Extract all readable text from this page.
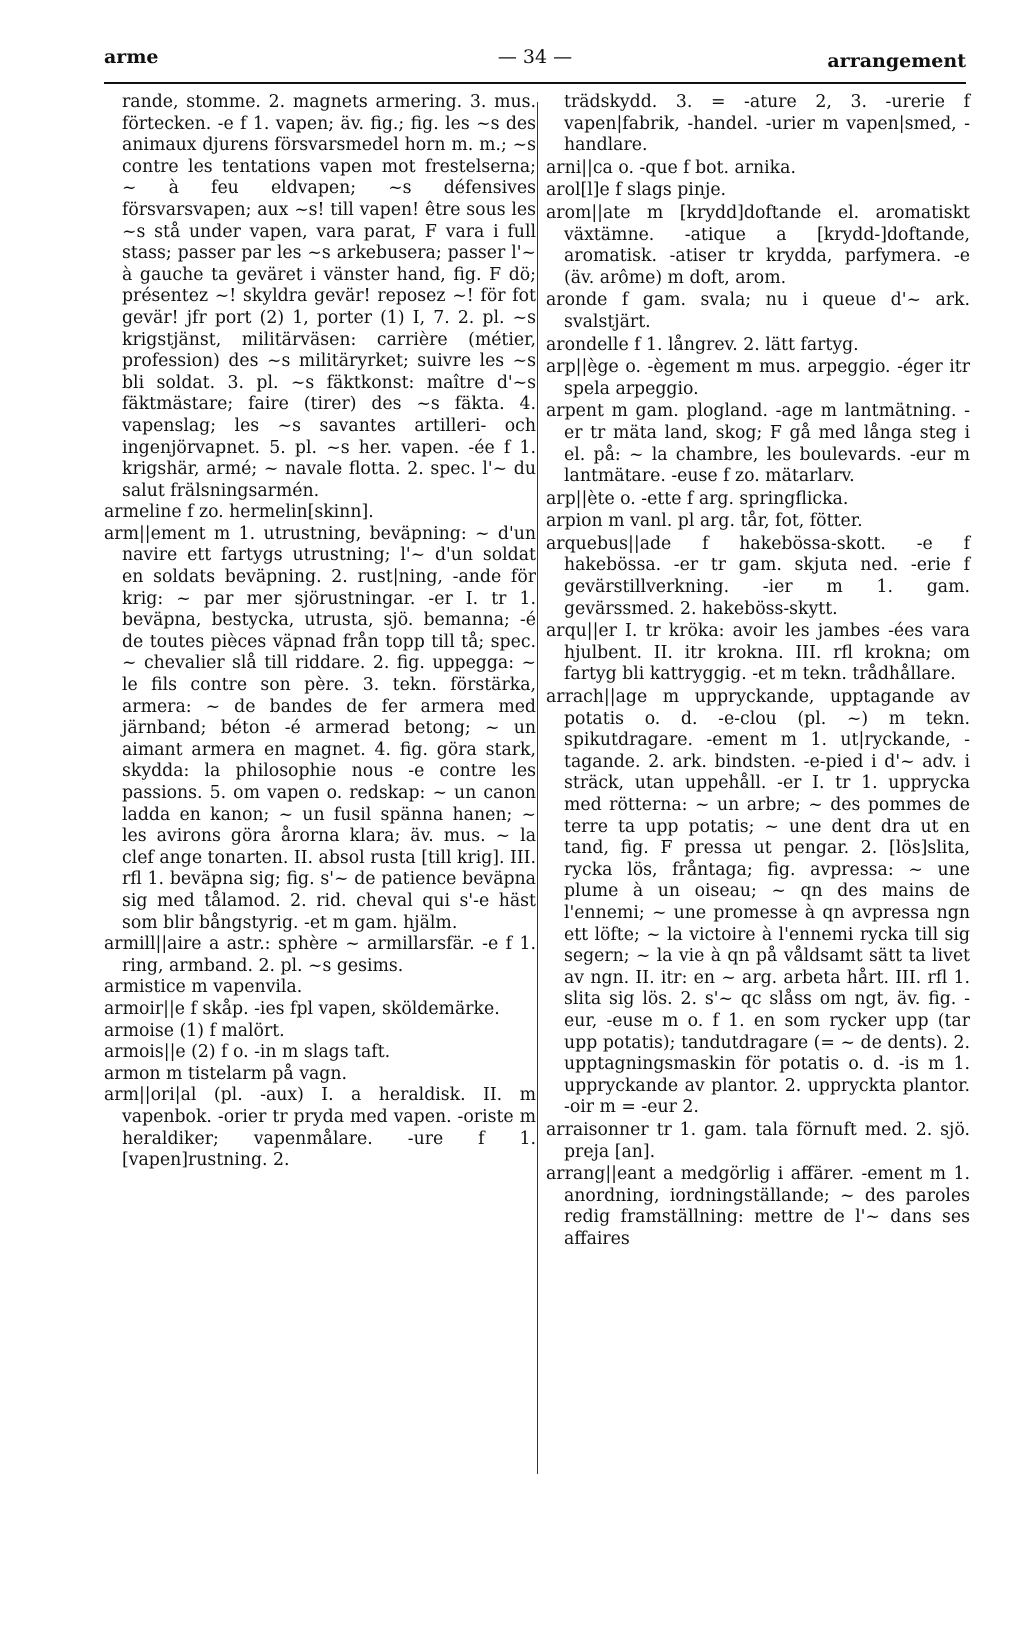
arme	— 34 —	arrangement

rande, stomme. 2. magnets armering. 3. mus. förtecken. -e f 1. vapen; äv. fig.; fig. les ~s des animaux djurens försvarsmedel horn m. m.; ~s contre les tentations vapen mot frestelserna; ~ à feu eldvapen; ~s défensives försvarsvapen; aux ~s! till vapen! être sous les ~s stå under vapen, vara parat, F vara i full stass; passer par les ~s arkebusera; passer l'~ à gauche ta geväret i vänster hand, fig. F dö; présentez ~! skyldra gevär! reposez ~! för fot gevär! jfr port (2) 1, porter (1) I, 7. 2. pl. ~s krigstjänst, militärväsen: carrière (métier, profession) des ~s militäryrket; suivre les ~s bli soldat. 3. pl. ~s fäktkonst: maître d'~s fäktmästare; faire (tirer) des ~s fäkta. 4. vapenslag; les ~s savantes artilleri- och ingenjörvapnet. 5. pl. ~s her. vapen. -ée f 1. krigshär, armé; ~ navale flotta. 2. spec. l'~ du salut frälsningsarmén.

armeline f zo. hermelin[skinn].

arm||ement m 1. utrustning, beväpning: ~ d'un navire ett fartygs utrustning; l'~ d'un soldat en soldats beväpning. 2. rust|ning, -ande för krig: ~ par mer sjörustningar. -er I. tr 1. beväpna, bestycka, utrusta, sjö. bemanna; -é de toutes pièces väpnad från topp till tå; spec. ~ chevalier slå till riddare. 2. fig. uppegga: ~ le fils contre son père. 3. tekn. förstärka, armera: ~ de bandes de fer armera med järnband; béton -é armerad betong; ~ un aimant armera en magnet. 4. fig. göra stark, skydda: la philosophie nous -e contre les passions. 5. om vapen o. redskap: ~ un canon ladda en kanon; ~ un fusil spänna hanen; ~ les avirons göra årorna klara; äv. mus. ~ la clef ange tonarten. II. absol rusta [till krig]. III. rfl 1. beväpna sig; fig. s'~ de patience beväpna sig med tålamod. 2. rid. cheval qui s'-e häst som blir bångstyrig. -et m gam. hjälm.

armill||aire a astr.: sphère ~ armillarsfär. -e f 1. ring, armband. 2. pl. ~s gesims.

armistice m vapenvila.

armoir||e f skåp. -ies fpl vapen, sköldemärke.

armoise (1) f malört.

armois||e (2) f o. -in m slags taft.

armon m tistelarm på vagn.

arm||ori|al (pl. -aux) I. a heraldisk. II. m vapenbok. -orier tr pryda med vapen. -oriste m heraldiker; vapenmålare. -ure f 1. [vapen]rustning. 2.

trädskydd. 3. = -ature 2, 3. -urerie f vapen|fabrik, -handel. -urier m vapen|smed, -handlare.

arni||ca o. -que f bot. arnika.

arol[l]e f slags pinje.

arom||ate m [krydd]doftande el. aromatiskt växtämne. -atique a [krydd-]doftande, aromatisk. -atiser tr krydda, parfymera. -e (äv. arôme) m doft, arom.

aronde f gam. svala; nu i queue d'~ ark. svalstjärt.

arondelle f 1. långrev. 2. lätt fartyg.

arp||ège o. -ègement m mus. arpeggio. -éger itr spela arpeggio.

arpent m gam. plogland. -age m lantmätning. -er tr mäta land, skog; F gå med långa steg i el. på: ~ la chambre, les boulevards. -eur m lantmätare. -euse f zo. mätarlarv.

arp||ète o. -ette f arg. springflicka.

arpion m vanl. pl arg. tår, fot, fötter.

arquebus||ade f hakebössa-skott. -e f hakebössa. -er tr gam. skjuta ned. -erie f gevärstillverkning. -ier m 1. gam. gevärssmed. 2. hakeböss-skytt.

arqu||er I. tr kröka: avoir les jambes -ées vara hjulbent. II. itr krokna. III. rfl krokna; om fartyg bli kattryggig. -et m tekn. trådhållare.

arrach||age m uppryckande, upptagande av potatis o. d. -e-clou (pl. ~) m tekn. spikutdragare. -ement m 1. ut|ryckande, -tagande. 2. ark. bindsten. -e-pied i d'~ adv. i sträck, utan uppehåll. -er I. tr 1. upprycka med rötterna: ~ un arbre; ~ des pommes de terre ta upp potatis; ~ une dent dra ut en tand, fig. F pressa ut pengar. 2. [lös]slita, rycka lös, fråntaga; fig. avpressa: ~ une plume à un oiseau; ~ qn des mains de l'ennemi; ~ une promesse à qn avpressa ngn ett löfte; ~ la victoire à l'ennemi rycka till sig segern; ~ la vie à qn på våldsamt sätt ta livet av ngn. II. itr: en ~ arg. arbeta hårt. III. rfl 1. slita sig lös. 2. s'~ qc slåss om ngt, äv. fig. -eur, -euse m o. f 1. en som rycker upp (tar upp potatis); tandutdragare (= ~ de dents). 2. upptagningsmaskin för potatis o. d. -is m 1. uppryckande av plantor. 2. uppryckta plantor. -oir m = -eur 2.

arraisonner tr 1. gam. tala förnuft med. 2. sjö. preja [an].

arrang||eant a medgörlig i affärer. -ement m 1. anordning, iordningställande; ~ des paroles redig framställning: mettre de l'~ dans ses affaires
